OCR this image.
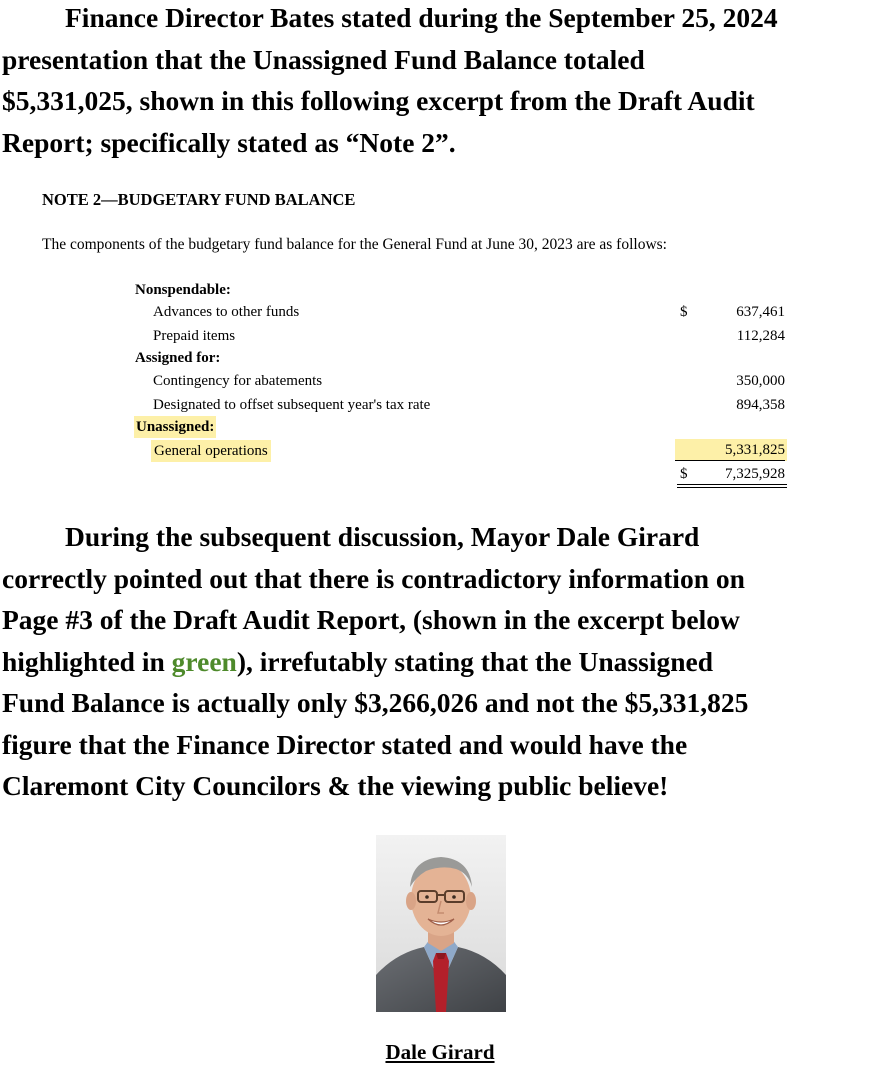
Finance Director Bates stated during the September 25, 2024
presentation that the Unassigned Fund Balance totaled
$5,331,025, shown in this following excerpt from the Draft Audit
Report; specifically stated as “Note 2”.
NOTE 2—BUDGETARY FUND BALANCE
The components of the budgetary fund balance for the General Fund at June 30, 2023 are as follows:
Nonspendable:
Advances to other funds	$	637,461
Prepaid items	112,284
Assigned for:
Contingency for abatements	350,000
Designated to offset subsequent year's tax rate	894,358
Unassigned:
General operations	5,331,825
$	7,325,928
During the subsequent discussion, Mayor Dale Girard
correctly pointed out that there is contradictory information on
Page #3 of the Draft Audit Report, (shown in the excerpt below
highlighted in green), irrefutably stating that the Unassigned
Fund Balance is actually only $3,266,026 and not the $5,331,825
figure that the Finance Director stated and would have the
Claremont City Councilors & the viewing public believe!
Dale Girard
